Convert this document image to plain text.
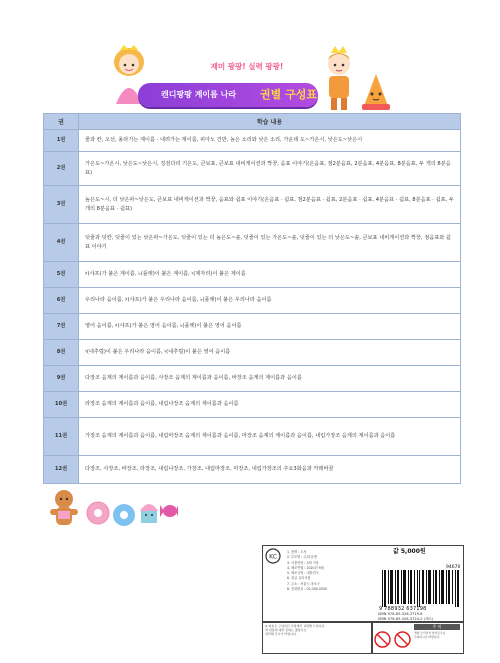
재미 팡팡! 실력 팡팡!
캔디팡팡 계이름 나라 권별 구성표
권	학습 내용
1권	줄과 칸, 오선, 올라가는 계이름 · 내려가는 계이름, 피아노 건반, 높은 소리와 낮은 소리, 가운데 도~가온시, 낮은도~낮은시
2권	가온도~가온시, 낮은도~낮은시, 징검다리 기온도, 큰보표, 큰보표 내비게이션과 짝꿍, 음표 이야기(온음표, 점2분음표, 2분음표, 4분음표, 8분음표, 두 개의 8분음표)
3권	높은도~시, 더 낮은파~낮은도, 큰보표 내비게이션과 짝꿍, 음표와 쉼표 이야기(온음표 · 쉼표, 점2분음표 · 쉼표, 2분음표 · 쉼표, 4분음표 · 쉼표, 8분음표 · 쉼표, 두 개의 8분음표 · 쉼표)
4권	덧줄과 덧칸, 덧줄이 있는 낮은파~가온도, 덧줄이 있는 더 높은도~솔, 덧줄이 있는 가온도~솔, 덧줄이 있는 더 낮은도~솔, 큰보표 내비게이션과 짝꿍, 점음표와 쉼표 이야기
5권	♯(샤프)가 붙은 계이름, ♭(플랫)이 붙은 계이름, ♮(제자리)이 붙은 계이름
6권	우리나라 음이름, ♯(샤프)가 붙은 우리나라 음이름, ♭(플랫)이 붙은 우리나라 음이름
7권	영어 음이름, ♯(샤프)가 붙은 영어 음이름, ♭(플랫)이 붙은 영어 음이름
8권	♮(내추럴)이 붙은 우리나라 음이름, ♮(내추럴)이 붙은 영어 음이름
9권	다장조 음계의 계이름과 음이름, 사장조 음계의 계이름과 음이름, 바장조 음계의 계이름과 음이름
10권	라장조 음계의 계이름과 음이름, 내림나장조 음계의 계이름과 음이름
11권	가장조 음계의 계이름과 음이름, 내림마장조 음계의 계이름과 음이름, 마장조 음계의 계이름과 음이름, 내림가장조 음계의 계이름과 음이름
12권	다장조, 사장조, 바장조, 라장조, 내림나장조, 가장조, 내림마장조, 마장조, 내림가장조의 주요3화음과 카레바꿈
KC
1. 품명 : 도서
2. 부모명 : 주/다음앤
3. 사용연령 : 3세 이상
4. 제조연월 : 2020년 9월
5. 제조국명 : 대한민국
6. 취급 유의사항
7. 주소 : 서울시 마포구
8. 전화번호 : 02-000-0000
값 5,000원
94670
9 788932 637198
ISBN 978-89-326-3719-8
ISBN 978-89-326-3724-2 (세트)
※ 파본은 구입하신 서점에서 교환해 드립니다.
책 내용에 대한 문의는 출판사로
연락해 주시기 바랍니다.
주 의
책의 모서리가 날카로우니
주의하시기 바랍니다.
